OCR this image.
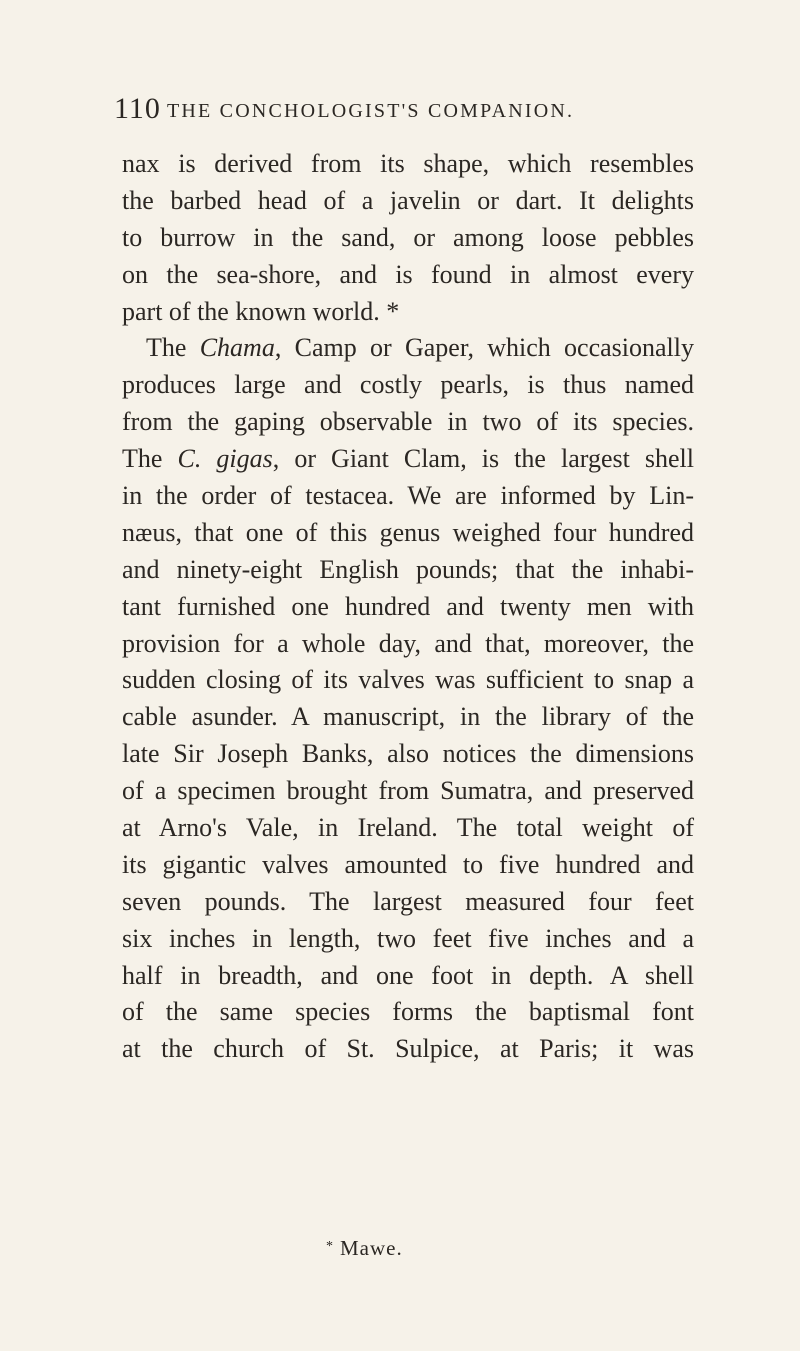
110 THE CONCHOLOGIST'S COMPANION.
nax is derived from its shape, which resembles
the barbed head of a javelin or dart. It delights
to burrow in the sand, or among loose pebbles
on the sea-shore, and is found in almost every
part of the known world. *
The Chama, Camp or Gaper, which occasionally
produces large and costly pearls, is thus named
from the gaping observable in two of its species.
The C. gigas, or Giant Clam, is the largest shell
in the order of testacea. We are informed by Lin-
næus, that one of this genus weighed four hundred
and ninety-eight English pounds; that the inhabi-
tant furnished one hundred and twenty men with
provision for a whole day, and that, moreover, the
sudden closing of its valves was sufficient to snap a
cable asunder. A manuscript, in the library of the
late Sir Joseph Banks, also notices the dimensions
of a specimen brought from Sumatra, and preserved
at Arno's Vale, in Ireland. The total weight of
its gigantic valves amounted to five hundred and
seven pounds. The largest measured four feet
six inches in length, two feet five inches and a
half in breadth, and one foot in depth. A shell
of the same species forms the baptismal font
at the church of St. Sulpice, at Paris; it was
* Mawe.
